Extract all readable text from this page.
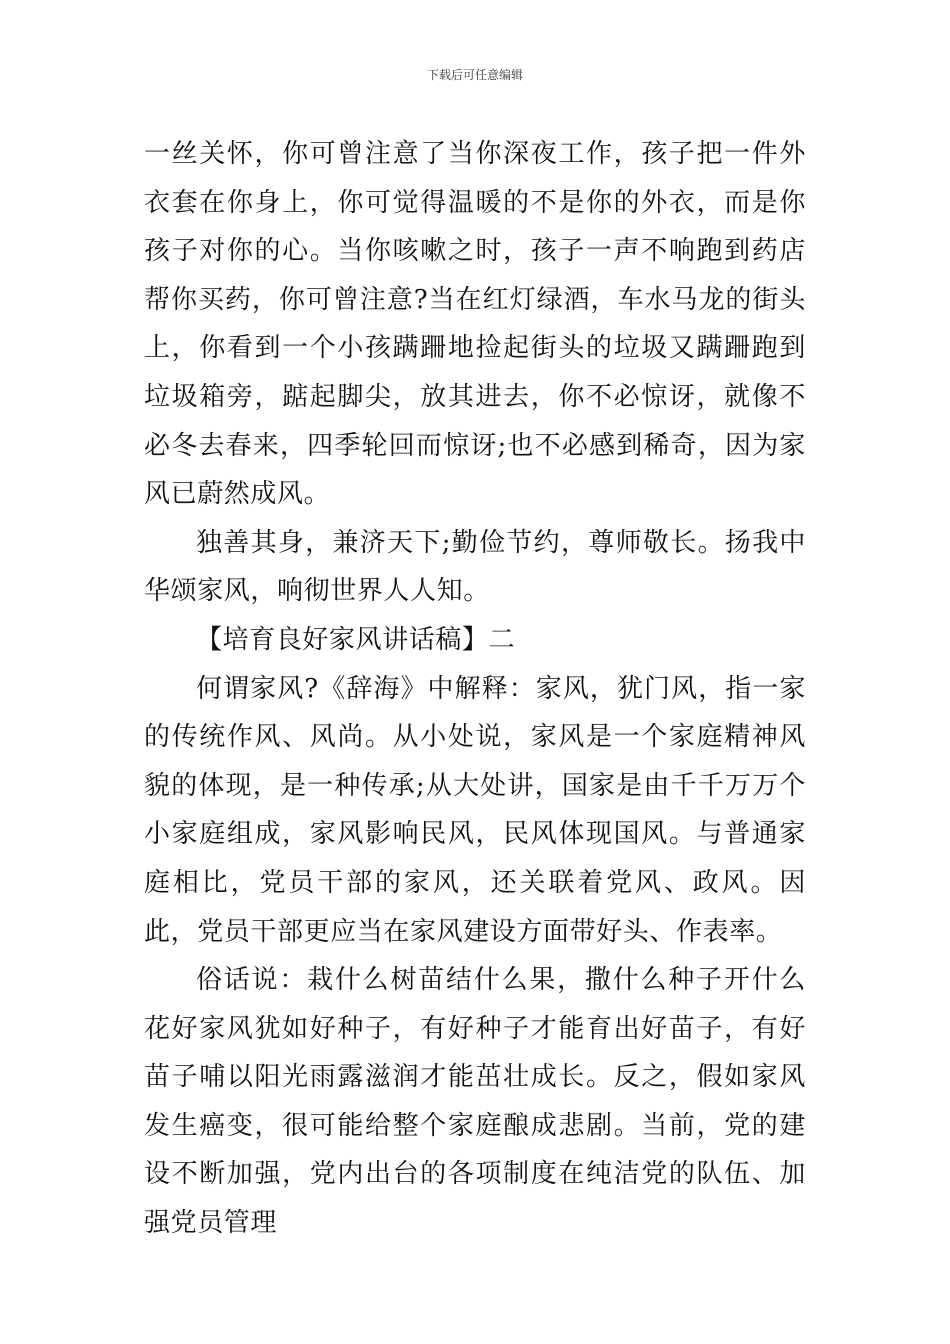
下载后可任意编辑

一丝关怀，你可曾注意了当你深夜工作，孩子把一件外衣套在你身上，你可觉得温暖的不是你的外衣，而是你孩子对你的心。当你咳嗽之时，孩子一声不响跑到药店帮你买药，你可曾注意?当在红灯绿酒，车水马龙的街头上，你看到一个小孩蹒跚地捡起街头的垃圾又蹒跚跑到垃圾箱旁，踮起脚尖，放其进去，你不必惊讶，就像不必冬去春来，四季轮回而惊讶;也不必感到稀奇，因为家风已蔚然成风。

独善其身，兼济天下;勤俭节约，尊师敬长。扬我中华颂家风，响彻世界人人知。

【培育良好家风讲话稿】二

何谓家风?《辞海》中解释：家风，犹门风，指一家的传统作风、风尚。从小处说，家风是一个家庭精神风貌的体现，是一种传承;从大处讲，国家是由千千万万个小家庭组成，家风影响民风，民风体现国风。与普通家庭相比，党员干部的家风，还关联着党风、政风。因此，党员干部更应当在家风建设方面带好头、作表率。

俗话说：栽什么树苗结什么果，撒什么种子开什么花好家风犹如好种子，有好种子才能育出好苗子，有好苗子哺以阳光雨露滋润才能茁壮成长。反之，假如家风发生癌变，很可能给整个家庭酿成悲剧。当前，党的建设不断加强，党内出台的各项制度在纯洁党的队伍、加强党员管理
